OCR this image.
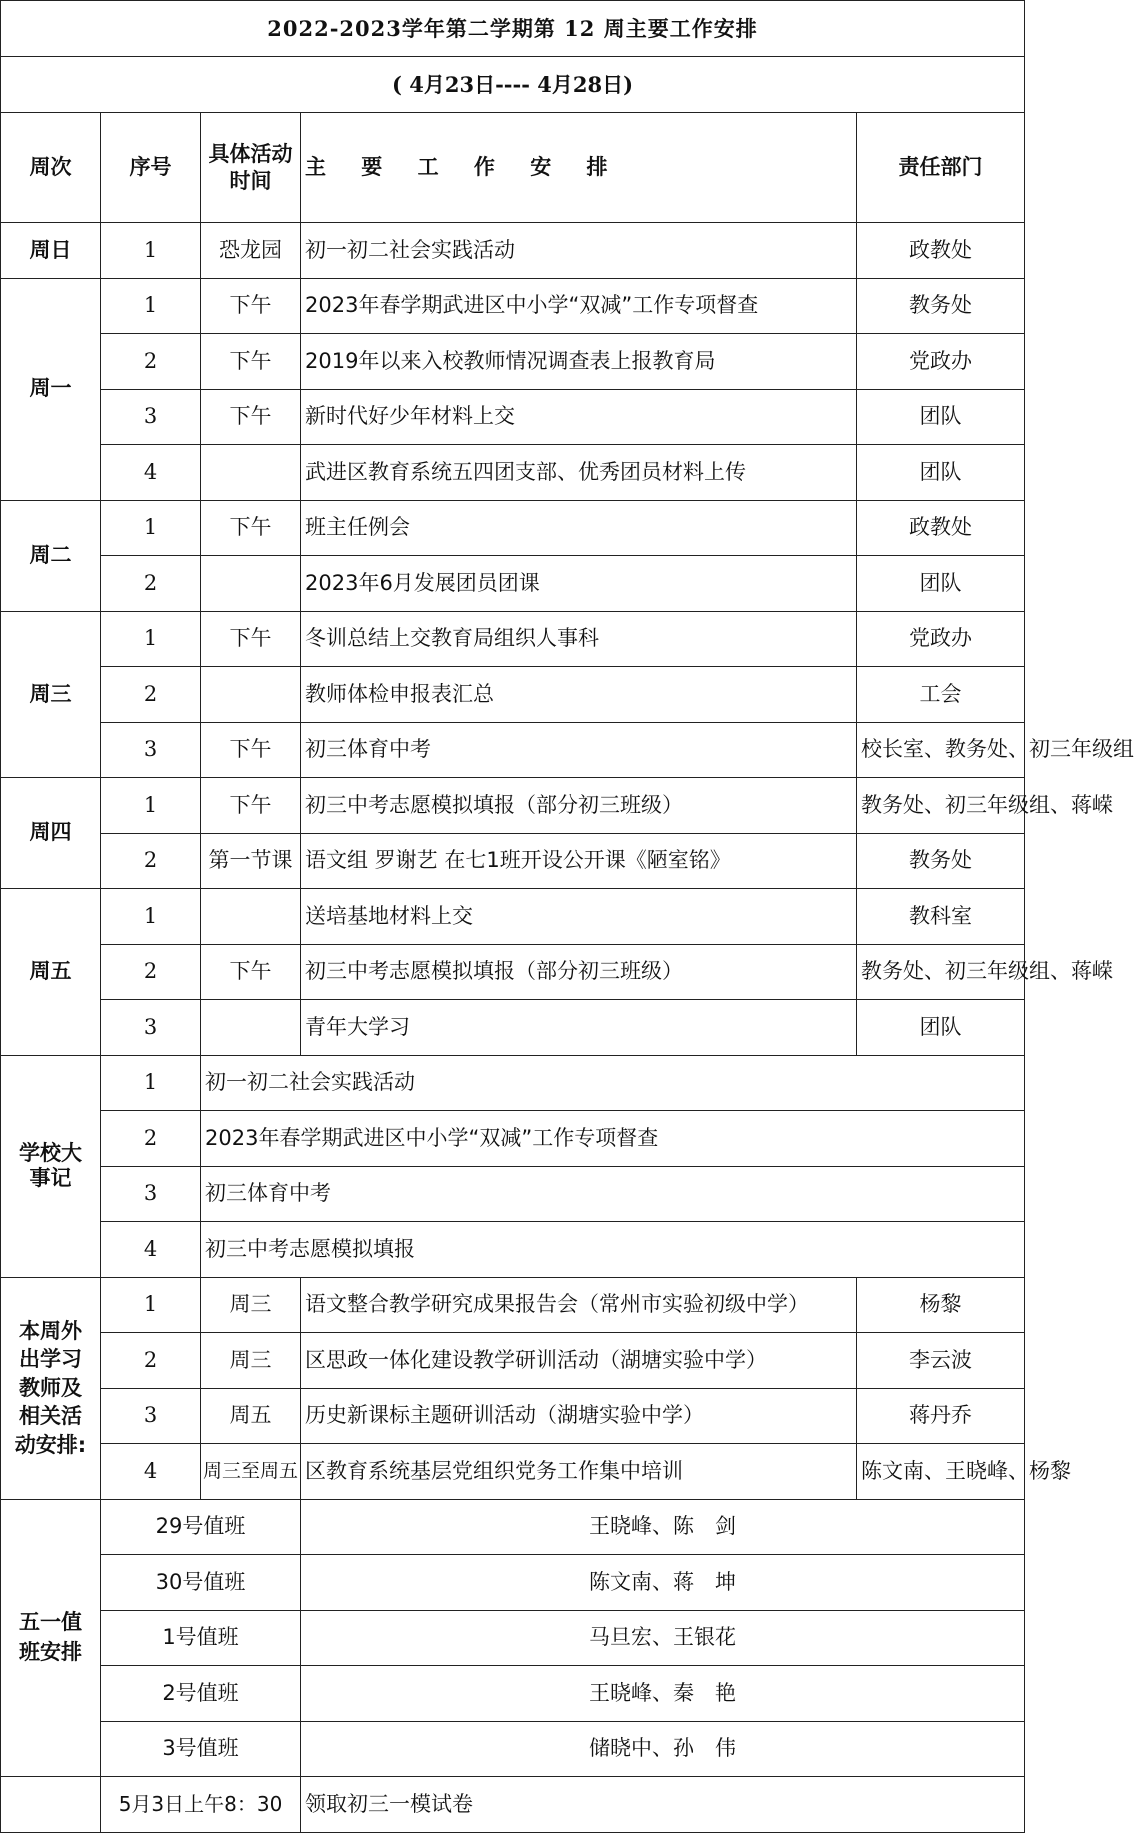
2022-2023学年第二学期第 12 周主要工作安排				
( 4月23日---- 4月28日)				
周次	序号	具体活动时间	主 要 工 作 安 排	责任部门
周日	1	恐龙园	初一初二社会实践活动	政教处
周一	1	下午	2023年春学期武进区中小学“双减”工作专项督查	教务处
	2	下午	2019年以来入校教师情况调查表上报教育局	党政办
	3	下午	新时代好少年材料上交	团队
	4		武进区教育系统五四团支部、优秀团员材料上传	团队
周二	1	下午	班主任例会	政教处
	2		2023年6月发展团员团课	团队
周三	1	下午	冬训总结上交教育局组织人事科	党政办
	2		教师体检申报表汇总	工会
	3	下午	初三体育中考	校长室、教务处、初三年级组
周四	1	下午	初三中考志愿模拟填报（部分初三班级）	教务处、初三年级组、蒋嵘
	2	第一节课	语文组 罗谢艺 在七1班开设公开课《陋室铭》	教务处
周五	1		送培基地材料上交	教科室
	2	下午	初三中考志愿模拟填报（部分初三班级）	教务处、初三年级组、蒋嵘
	3		青年大学习	团队
学校大事记	1	初一初二社会实践活动		
	2	2023年春学期武进区中小学“双减”工作专项督查		
	3	初三体育中考		
	4	初三中考志愿模拟填报		
本周外出学习教师及相关活动安排:	1	周三	语文整合教学研究成果报告会（常州市实验初级中学）	杨黎
	2	周三	区思政一体化建设教学研训活动（湖塘实验中学）	李云波
	3	周五	历史新课标主题研训活动（湖塘实验中学）	蒋丹乔
	4	周三至周五	区教育系统基层党组织党务工作集中培训	陈文南、王晓峰、杨黎
五一值班安排	29号值班		王晓峰、陈　剑	
	30号值班		陈文南、蒋　坤	
	1号值班		马旦宏、王银花	
	2号值班		王晓峰、秦　艳	
	3号值班		储晓中、孙　伟	
	5月3日上午8：30		领取初三一模试卷	
